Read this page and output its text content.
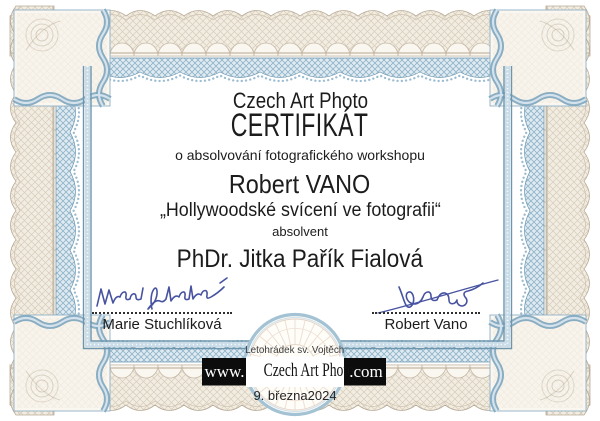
Czech Art Photo
CERTIFIKÁT
o absolvování fotografického workshopu
Robert VANO
„Hollywoodské svícení ve fotografii“
absolvent
PhDr. Jitka Pařík Fialová
Marie Stuchlíková	Robert Vano
Letohrádek sv. Vojtěch
www.	Czech Art Photo
.com
9. března2024
